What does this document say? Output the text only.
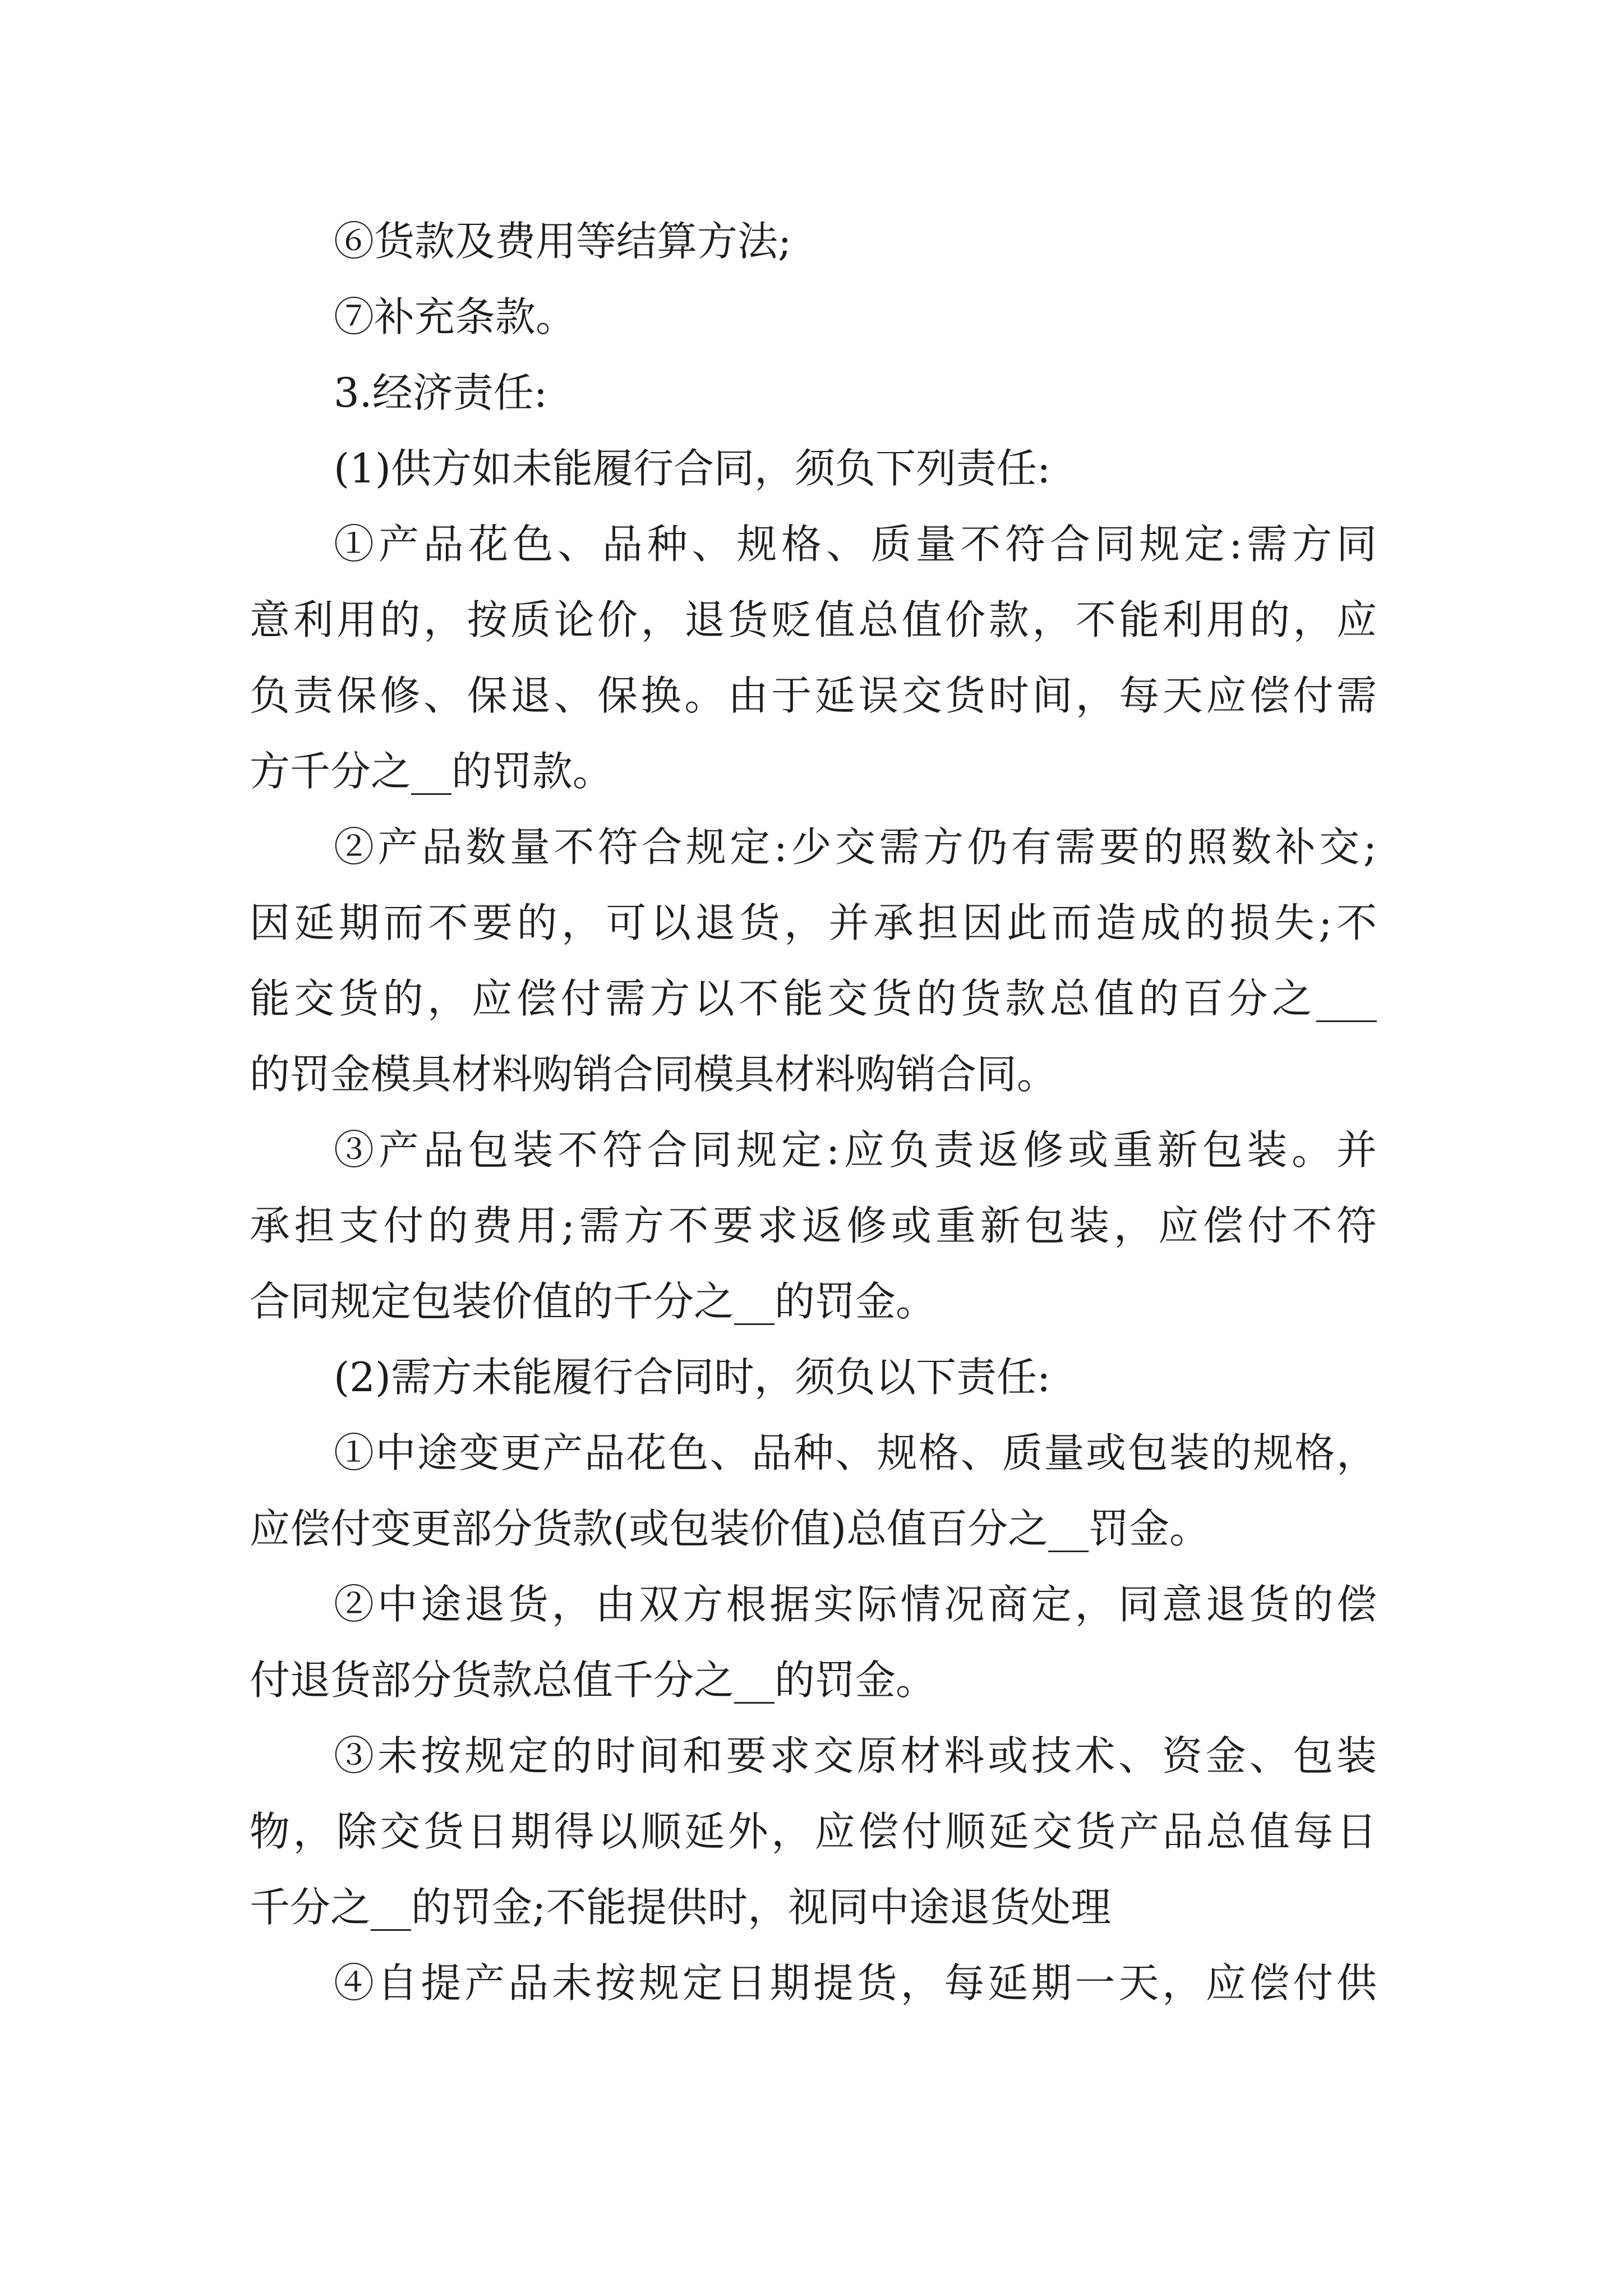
⑥货款及费用等结算方法;

⑦补充条款。

3.经济责任:

(1)供方如未能履行合同，须负下列责任:

①产品花色、品种、规格、质量不符合同规定:需方同

意利用的，按质论价，退货贬值总值价款，不能利用的，应

负责保修、保退、保换。由于延误交货时间，每天应偿付需

方千分之__的罚款。

②产品数量不符合规定:少交需方仍有需要的照数补交;

因延期而不要的，可以退货，并承担因此而造成的损失;不

能交货的，应偿付需方以不能交货的货款总值的百分之___

的罚金模具材料购销合同模具材料购销合同。

③产品包装不符合同规定:应负责返修或重新包装。并

承担支付的费用;需方不要求返修或重新包装，应偿付不符

合同规定包装价值的千分之__的罚金。

(2)需方未能履行合同时，须负以下责任:

①中途变更产品花色、品种、规格、质量或包装的规格，

应偿付变更部分货款(或包装价值)总值百分之__罚金。

②中途退货，由双方根据实际情况商定，同意退货的偿

付退货部分货款总值千分之__的罚金。

③未按规定的时间和要求交原材料或技术、资金、包装

物，除交货日期得以顺延外，应偿付顺延交货产品总值每日

千分之__的罚金;不能提供时，视同中途退货处理

④自提产品未按规定日期提货，每延期一天，应偿付供
